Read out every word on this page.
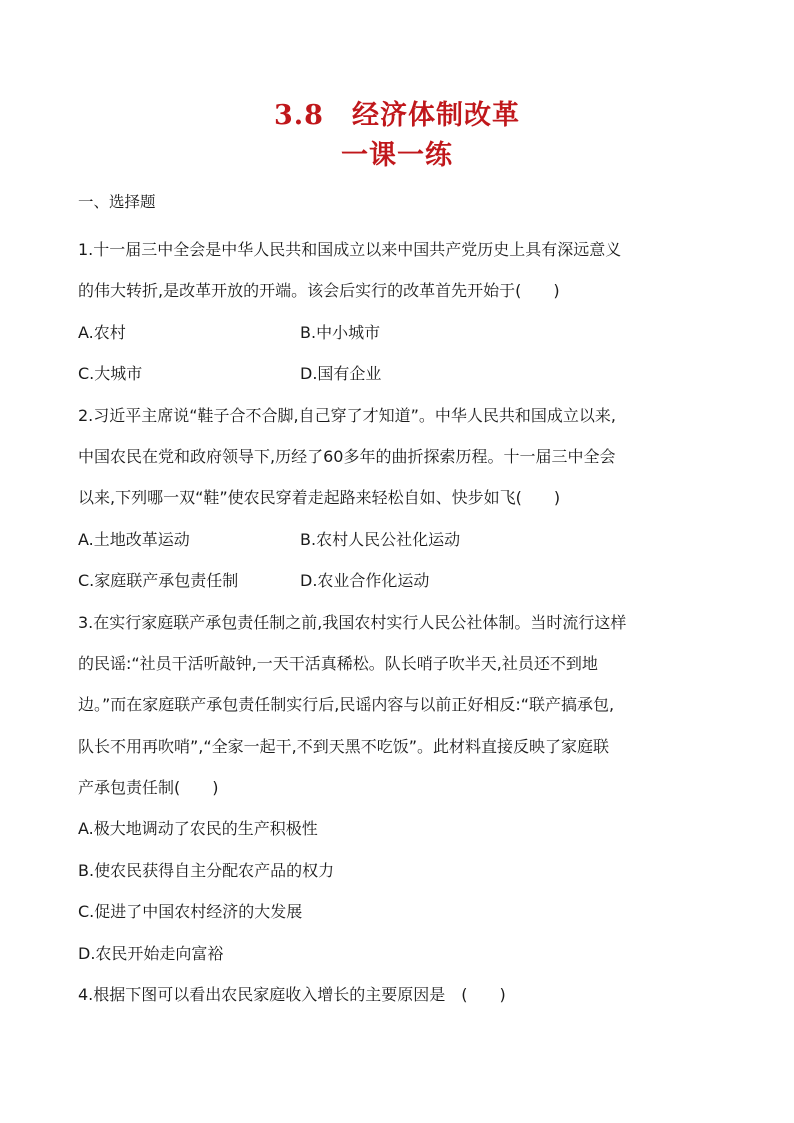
3.8　经济体制改革
一课一练
一、选择题
1.十一届三中全会是中华人民共和国成立以来中国共产党历史上具有深远意义
的伟大转折,是改革开放的开端。该会后实行的改革首先开始于(　　)
A.农村	B.中小城市
C.大城市	D.国有企业
2.习近平主席说“鞋子合不合脚,自己穿了才知道”。中华人民共和国成立以来,
中国农民在党和政府领导下,历经了60多年的曲折探索历程。十一届三中全会
以来,下列哪一双“鞋”使农民穿着走起路来轻松自如、快步如飞(　　)
A.土地改革运动	B.农村人民公社化运动
C.家庭联产承包责任制	D.农业合作化运动
3.在实行家庭联产承包责任制之前,我国农村实行人民公社体制。当时流行这样
的民谣:“社员干活听敲钟,一天干活真稀松。队长哨子吹半天,社员还不到地
边。”而在家庭联产承包责任制实行后,民谣内容与以前正好相反:“联产搞承包,
队长不用再吹哨”,“全家一起干,不到天黑不吃饭”。此材料直接反映了家庭联
产承包责任制(　　)
A.极大地调动了农民的生产积极性
B.使农民获得自主分配农产品的权力
C.促进了中国农村经济的大发展
D.农民开始走向富裕
4.根据下图可以看出农民家庭收入增长的主要原因是　(　　)
